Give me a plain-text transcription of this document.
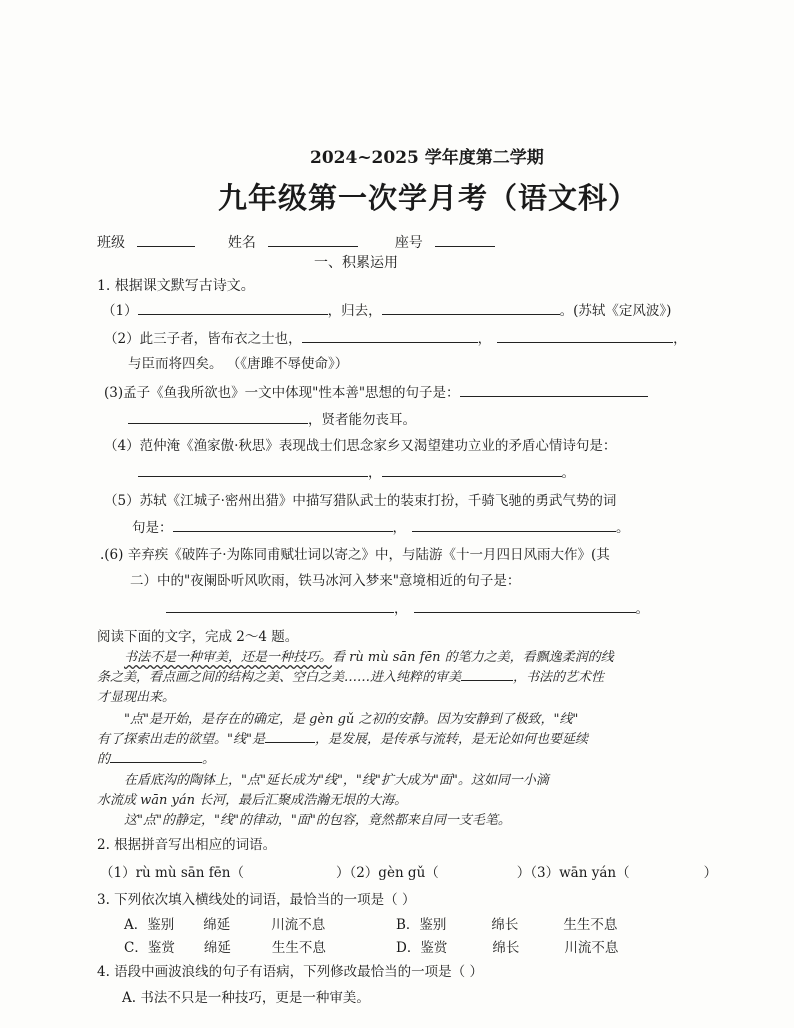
2024~2025 学年度第二学期
九年级第一次学月考（语文科）
班级	姓名	座号
一、积累运用
1. 根据课文默写古诗文。
（1）	，归去，	。(苏轼《定风波》)
（2）此三子者，皆布衣之士也，	，	，
与臣而将四矣。 （《唐雎不辱使命》）
(3)孟子《鱼我所欲也》一文中体现"性本善"思想的句子是：
，贤者能勿丧耳。
（4）范仲淹《渔家傲·秋思》表现战士们思念家乡又渴望建功立业的矛盾心情诗句是：
，	。
（5）苏轼《江城子·密州出猎》中描写猎队武士的装束打扮，千骑飞驰的勇武气势的词
句是：	，	。
.(6) 辛弃疾《破阵子·为陈同甫赋壮词以寄之》中，与陆游《十一月四日风雨大作》(其
二）中的"夜阑卧听风吹雨，铁马冰河入梦来"意境相近的句子是：
，	。
阅读下面的文字，完成 2～4 题。
书法不是一种审美，还是一种技巧。看 rù mù sān fēn 的笔力之美，看飘逸柔润的线
条之美，看点画之间的结构之美、空白之美……进入纯粹的审美	，书法的艺术性
才显现出来。
"点"是开始，是存在的确定，是 gèn gǔ 之初的安静。因为安静到了极致，"线"
有了探索出走的欲望。"线"是	，是发展，是传承与流转，是无论如何也要延续
的	。
在盾底沟的陶钵上，"点"延长成为"线"，"线"扩大成为"面"。这如同一小滴
水流成 wān yán 长河，最后汇聚成浩瀚无垠的大海。
这"点"的静定，"线"的律动，"面"的包容，竟然都来自同一支毛笔。
2. 根据拼音写出相应的词语。
（1）rù mù sān fēn（	）（2）gèn gǔ（	）（3）wān yán（	）
3. 下列依次填入横线处的词语，最恰当的一项是（ ）
A．鉴别 绵延	川流不息	B．鉴别	绵长	生生不息
C．鉴赏 绵延	生生不息	D．鉴赏	绵长	川流不息
4. 语段中画波浪线的句子有语病，下列修改最恰当的一项是（ ）
A. 书法不只是一种技巧，更是一种审美。
